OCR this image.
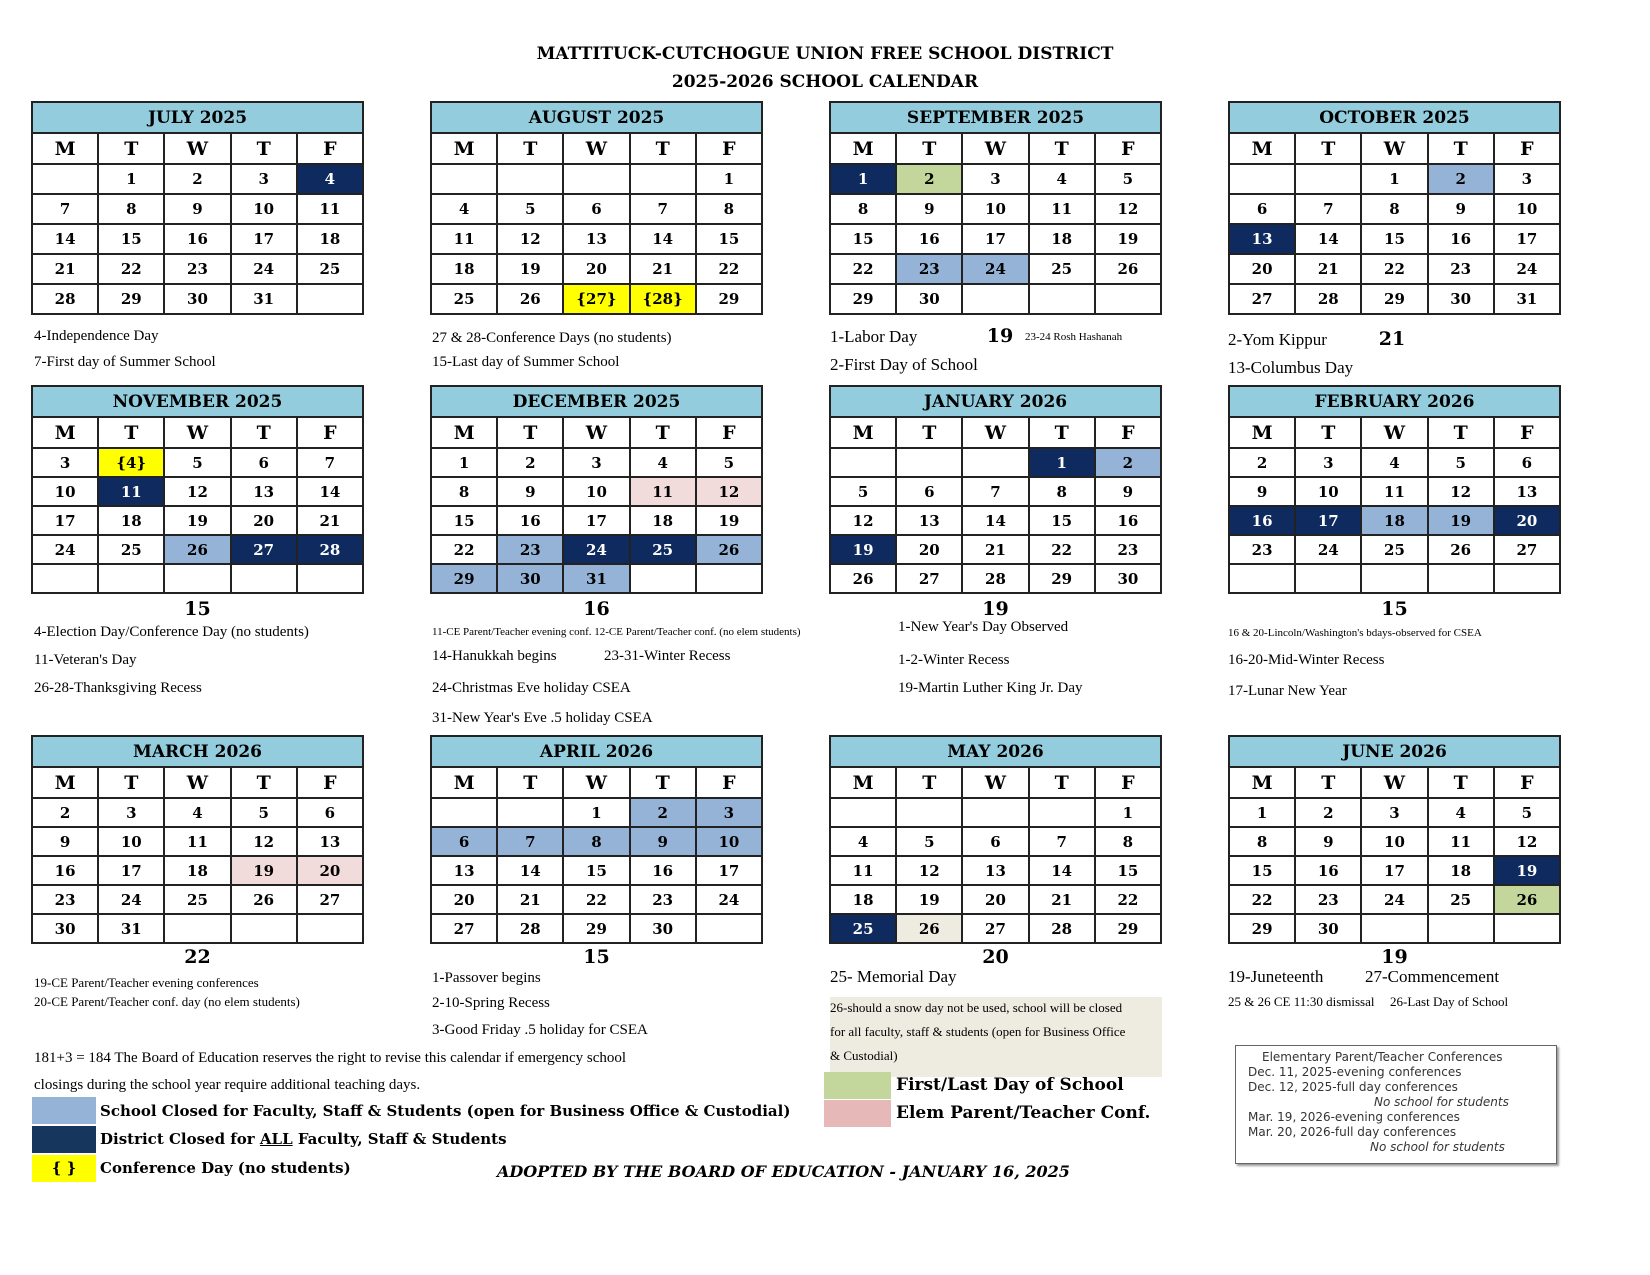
MATTITUCK-CUTCHOGUE UNION FREE SCHOOL DISTRICT
2025-2026 SCHOOL CALENDAR
JULY 2025				
M	T	W	T	F
	1	2	3	4
7	8	9	10	11
14	15	16	17	18
21	22	23	24	25
28	29	30	31	
AUGUST 2025				
M	T	W	T	F
				1
4	5	6	7	8
11	12	13	14	15
18	19	20	21	22
25	26	{27}	{28}	29
SEPTEMBER 2025				
M	T	W	T	F
1	2	3	4	5
8	9	10	11	12
15	16	17	18	19
22	23	24	25	26
29	30			
OCTOBER 2025				
M	T	W	T	F
		1	2	3
6	7	8	9	10
13	14	15	16	17
20	21	22	23	24
27	28	29	30	31
NOVEMBER 2025				
M	T	W	T	F
3	{4}	5	6	7
10	11	12	13	14
17	18	19	20	21
24	25	26	27	28

15
DECEMBER 2025				
M	T	W	T	F
1	2	3	4	5
8	9	10	11	12
15	16	17	18	19
22	23	24	25	26
29	30	31		
16
JANUARY 2026				
M	T	W	T	F
			1	2
5	6	7	8	9
12	13	14	15	16
19	20	21	22	23
26	27	28	29	30
19
FEBRUARY 2026				
M	T	W	T	F
2	3	4	5	6
9	10	11	12	13
16	17	18	19	20
23	24	25	26	27

15
MARCH 2026				
M	T	W	T	F
2	3	4	5	6
9	10	11	12	13
16	17	18	19	20
23	24	25	26	27
30	31			
22
APRIL 2026				
M	T	W	T	F
		1	2	3
6	7	8	9	10
13	14	15	16	17
20	21	22	23	24
27	28	29	30	
15
MAY 2026				
M	T	W	T	F
				1
4	5	6	7	8
11	12	13	14	15
18	19	20	21	22
25	26	27	28	29
20
JUNE 2026				
M	T	W	T	F
1	2	3	4	5
8	9	10	11	12
15	16	17	18	19
22	23	24	25	26
29	30			
19
19	21
4-Independence Day
7-First day of Summer School
27 & 28-Conference Days (no students)
15-Last day of Summer School
1-Labor Day	23-24 Rosh Hashanah
2-First Day of School
2-Yom Kippur
13-Columbus Day
4-Election Day/Conference Day (no students)
11-Veteran's Day
26-28-Thanksgiving Recess
11-CE Parent/Teacher evening conf. 12-CE Parent/Teacher conf. (no elem students)
14-Hanukkah begins	23-31-Winter Recess
24-Christmas Eve holiday CSEA
31-New Year's Eve .5 holiday CSEA
1-New Year's Day Observed
1-2-Winter Recess
19-Martin Luther King Jr. Day
16 & 20-Lincoln/Washington's bdays-observed for CSEA
16-20-Mid-Winter Recess
17-Lunar New Year
19-CE Parent/Teacher evening conferences
20-CE Parent/Teacher conf. day (no elem students)
1-Passover begins
2-10-Spring Recess
3-Good Friday .5 holiday for CSEA
25- Memorial Day
26-should a snow day not be used, school will be closed
for all faculty, staff & students (open for Business Office
& Custodial)
19-Juneteenth 27-Commencement
25 & 26 CE 11:30 dismissal 26-Last Day of School
181+3 = 184 The Board of Education reserves the right to revise this calendar if emergency school
closings during the school year require additional teaching days.
School Closed for Faculty, Staff & Students (open for Business Office & Custodial)
District Closed for ALL Faculty, Staff & Students
{ }	Conference Day (no students)
First/Last Day of School
Elem Parent/Teacher Conf.
ADOPTED BY THE BOARD OF EDUCATION - JANUARY 16, 2025
Elementary Parent/Teacher Conferences
Dec. 11, 2025-evening conferences
Dec. 12, 2025-full day conferences
No school for students
Mar. 19, 2026-evening conferences
Mar. 20, 2026-full day conferences
No school for students
